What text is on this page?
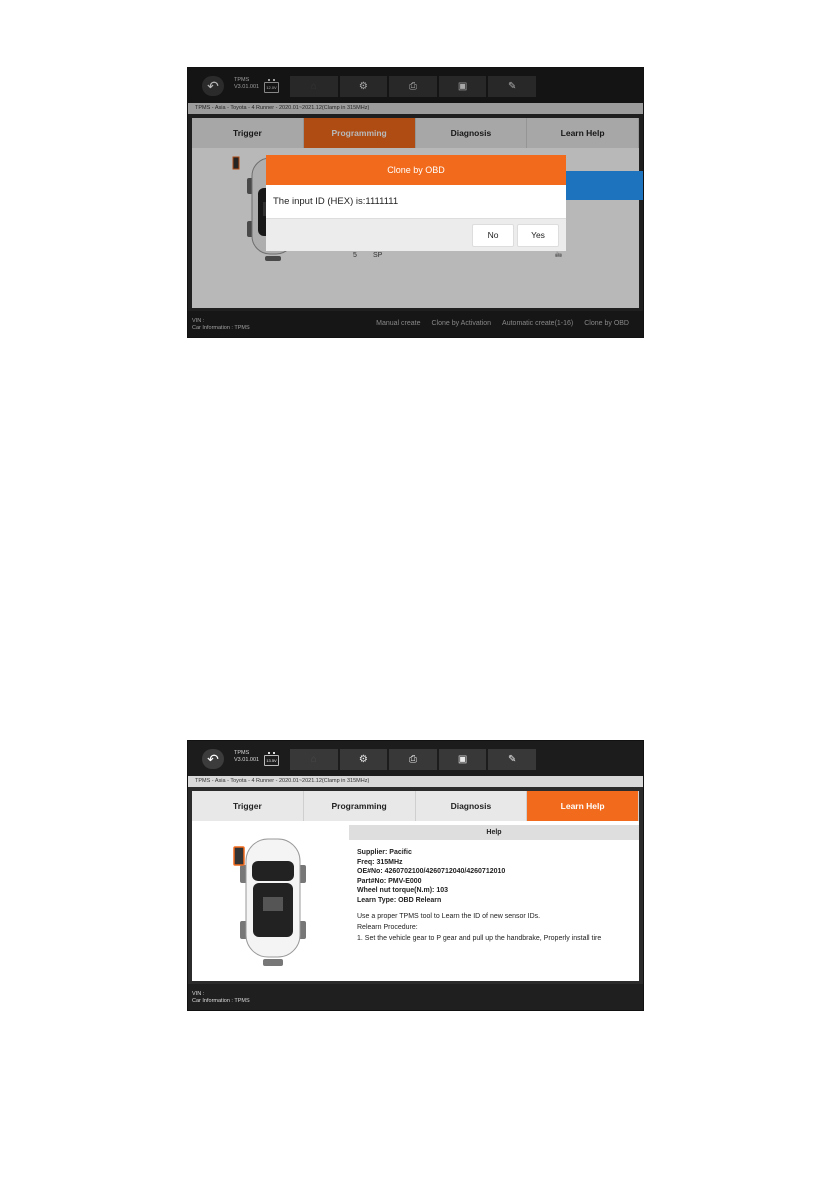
↶	TPMS
V3.01.001	12.0V	⌂	⚙	⎙	▣	✎
TPMS - Asia - Toyota - 4 Runner - 2020.01~2021.12(Clamp in 315MHz)
Trigger	Programming	Diagnosis	Learn Help
5 SP	🖮
VIN :
Car Information : TPMS
Manual create Clone by Activation Automatic create(1-16) Clone by OBD
Clone by OBD
The input ID (HEX) is:1111111
No	Yes
↶	TPMS
V3.01.001	13.5V	⌂	⚙	⎙	▣	✎
TPMS - Asia - Toyota - 4 Runner - 2020.01~2021.12(Clamp in 315MHz)
Trigger	Programming	Diagnosis	Learn Help
Help
Supplier: Pacific
Freq: 315MHz
OE#No: 4260702100/4260712040/4260712010
Part#No: PMV-E000
Wheel nut torque(N.m): 103
Learn Type: OBD Relearn
Use a proper TPMS tool to Learn the ID of new sensor IDs.
Relearn Procedure:
1. Set the vehicle gear to P gear and pull up the handbrake, Properly install tire
VIN :
Car Information : TPMS
